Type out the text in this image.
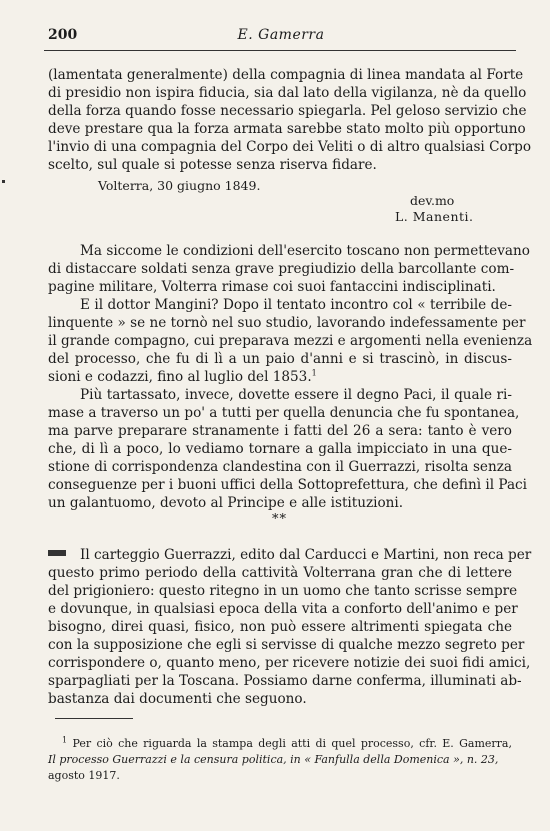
200	E. Gamerra
(lamentata generalmente) della compagnia di linea mandata al Forte
di presidio non ispira fiducia, sia dal lato della vigilanza, nè da quello
della forza quando fosse necessario spiegarla. Pel geloso servizio che
deve prestare qua la forza armata sarebbe stato molto più opportuno
l'invio di una compagnia del Corpo dei Veliti o di altro qualsiasi Corpo
scelto, sul quale si potesse senza riserva fidare.
Volterra, 30 giugno 1849.
dev.mo
L. Manenti.
Ma siccome le condizioni dell'esercito toscano non permettevano
di distaccare soldati senza grave pregiudizio della barcollante com-
pagine militare, Volterra rimase coi suoi fantaccini indisciplinati.
E il dottor Mangini? Dopo il tentato incontro col « terribile de-
linquente » se ne tornò nel suo studio, lavorando indefessamente per
il grande compagno, cui preparava mezzi e argomenti nella evenienza
del processo, che fu di lì a un paio d'anni e si trascinò, in discus-
sioni e codazzi, fino al luglio del 1853.$^1$
Più tartassato, invece, dovette essere il degno Paci, il quale ri-
mase a traverso un po' a tutti per quella denuncia che fu spontanea,
ma parve preparare stranamente i fatti del 26 a sera: tanto è vero
che, di lì a poco, lo vediamo tornare a galla impicciato in una que-
stione di corrispondenza clandestina con il Guerrazzi, risolta senza
conseguenze per i buoni uffici della Sottoprefettura, che definì il Paci
un galantuomo, devoto al Principe e alle istituzioni.
**
Il carteggio Guerrazzi, edito dal Carducci e Martini, non reca per
questo primo periodo della cattività Volterrana gran che di lettere
del prigioniero: questo ritegno in un uomo che tanto scrisse sempre
e dovunque, in qualsiasi epoca della vita a conforto dell'animo e per
bisogno, direi quasi, fisico, non può essere altrimenti spiegata che
con la supposizione che egli si servisse di qualche mezzo segreto per
corrispondere o, quanto meno, per ricevere notizie dei suoi fidi amici,
sparpagliati per la Toscana. Possiamo darne conferma, illuminati ab-
bastanza dai documenti che seguono.
$^1$ Per ciò che riguarda la stampa degli atti di quel processo, cfr. E. Gamerra,
Il processo Guerrazzi e la censura politica, in « Fanfulla della Domenica », n. 23,
agosto 1917.
